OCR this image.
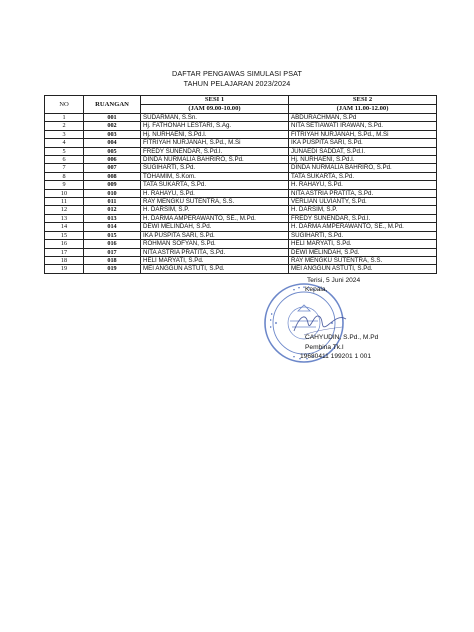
DAFTAR PENGAWAS SIMULASI PSAT
TAHUN PELAJARAN 2023/2024
NO	RUANGAN	SESI 1	SESI 2
		(JAM 09.00-10.00)	(JAM 11.00-12.00)
1	001	SUDARMAN, S.Sn.	ABDURACHMAN, S.Pd
2	002	Hj. FATHONAH LESTARI, S.Ag.	NITA SETIAWATI IRAWAN, S.Pd.
3	003	Hj. NURHAENI, S.Pd.I.	FITRIYAH NURJANAH, S.Pd., M.Si
4	004	FITRIYAH NURJANAH, S.Pd., M.Si	IKA PUSPITA SARI, S.Pd.
5	005	FREDY SUNENDAR, S.Pd.I.	JUNAEDI SADDAT, S.Pd.I.
6	006	DINDA NURMALIA BAHRIRO, S.Pd.	Hj. NURHAENI, S.Pd.I.
7	007	SUGIHARTI, S.Pd.	DINDA NURMALIA BAHRIRO, S.Pd.
8	008	TOHAMIM, S.Kom.	TATA SUKARTA, S.Pd.
9	009	TATA SUKARTA, S.Pd.	H. RAHAYU, S.Pd.
10	010	H. RAHAYU, S.Pd.	NITA ASTRIA PRATITA, S.Pd.
11	011	RAY MENGKU SUTENTRA, S.S.	VERLIAN ULVIANTY, S.Pd.
12	012	H. DARSIM, S.P.	H. DARSIM, S.P.
13	013	H. DARMA AMPERAWANTO, SE., M.Pd.	FREDY SUNENDAR, S.Pd.I.
14	014	DEWI MELINDAH, S.Pd.	H. DARMA AMPERAWANTO, SE., M.Pd.
15	015	IKA PUSPITA SARI, S.Pd.	SUGIHARTI, S.Pd.
16	016	ROHMAN SOFYAN, S.Pd.	HELI MARYATI, S.Pd.
17	017	NITA ASTRIA PRATITA, S.Pd.	DEWI MELINDAH, S.Pd.
18	018	HELI MARYATI, S.Pd.	RAY MENGKU SUTENTRA, S.S.
19	019	MEI ANGGUN ASTUTI, S.Pd.	MEI ANGGUN ASTUTI, S.Pd.
Terisi, 5 Juni 2024
Kepala,
CAHYUDIN, S.Pd., M.Pd
Pembina Tk.I
19680411 199201 1 001
